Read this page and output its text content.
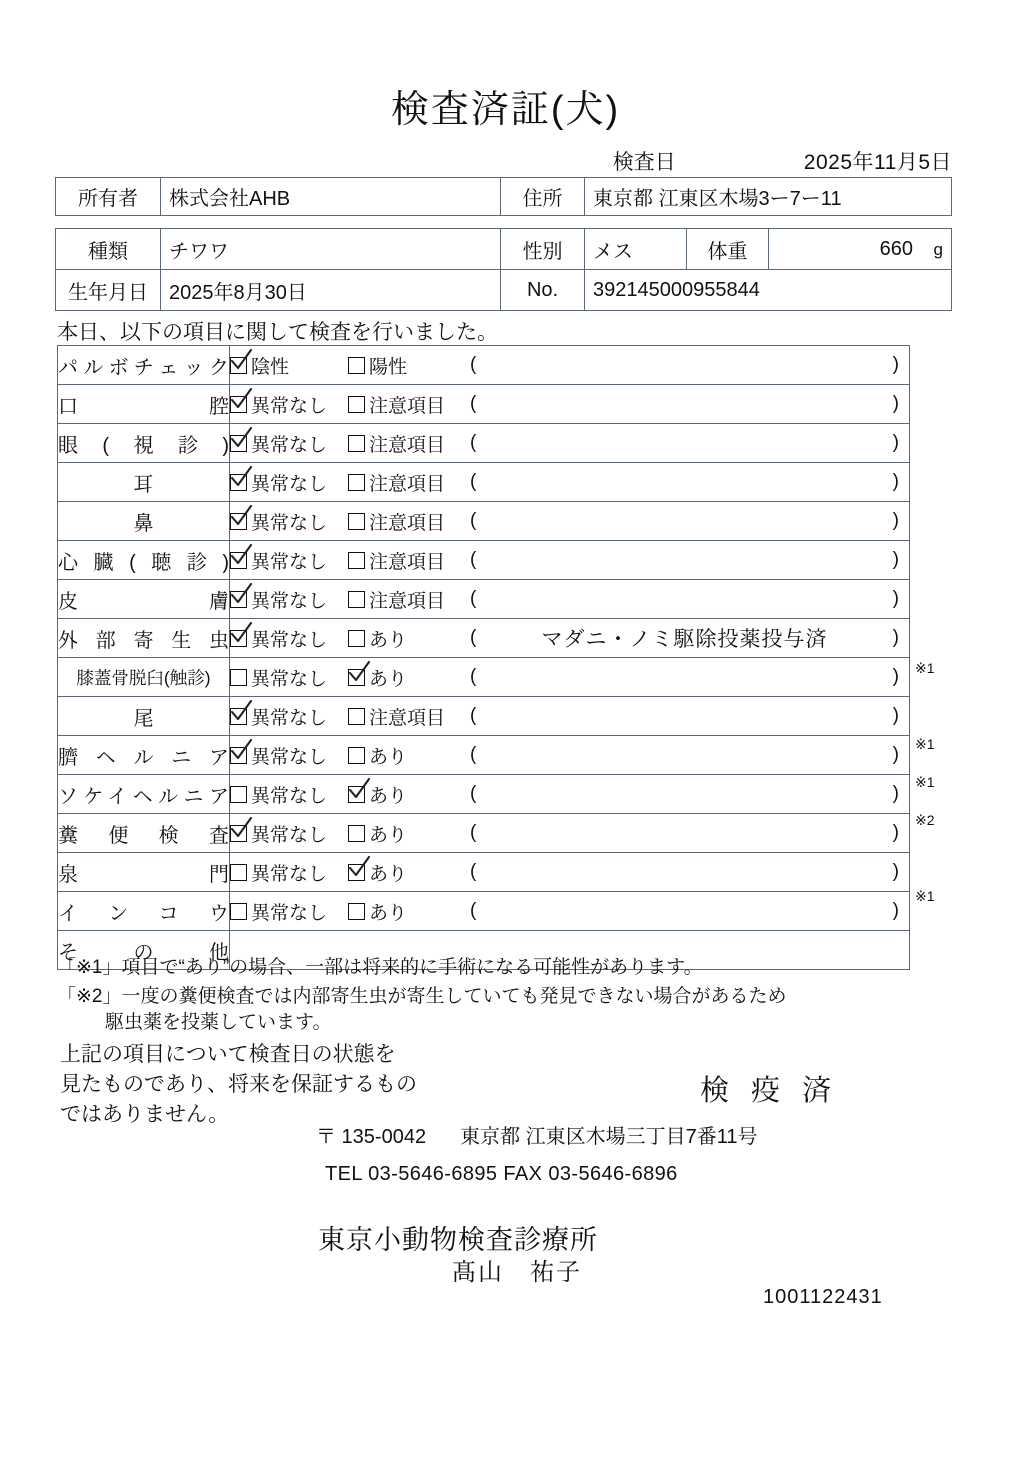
検査済証(犬)
検査日	2025年11月5日
所有者	株式会社AHB	住所	東京都 江東区木場3ー7ー11
種類	チワワ	性別	メス	体重	660 g
生年月日	2025年8月30日	No.	392145000955844		
本日、以下の項目に関して検査を行いました。
パルボチェック	陰性 陽性 ( )

口腔	異常なし 注意項目 ( )

眼(視診)	異常なし 注意項目 ( )

耳	異常なし 注意項目 ( )

鼻	異常なし 注意項目 ( )

心臓(聴診)	異常なし 注意項目 ( )

皮膚	異常なし 注意項目 ( )

外部寄生虫	異常なし あり ( マダニ・ノミ駆除投薬投与済 )

膝蓋骨脱臼(触診)	異常なし あり ( )

尾	異常なし 注意項目 ( )

臍ヘルニア	異常なし あり ( )

ソケイヘルニア	異常なし あり ( )

糞便検査	異常なし あり ( )

泉門	異常なし あり ( )

インコウ	異常なし あり ( )

その他	
「※1」項目で“あり”の場合、一部は将来的に手術になる可能性があります。
「※2」一度の糞便検査では内部寄生虫が寄生していても発見できない場合があるため
駆虫薬を投薬しています。
上記の項目について検査日の状態を
見たものであり、将来を保証するもの
ではありません。
検 疫 済
〒 135-0042 東京都 江東区木場三丁目7番11号
TEL 03-5646-6895 FAX 03-5646-6896
東京小動物検査診療所
髙山　祐子
1001122431
※1
※1
※1
※2
※1
